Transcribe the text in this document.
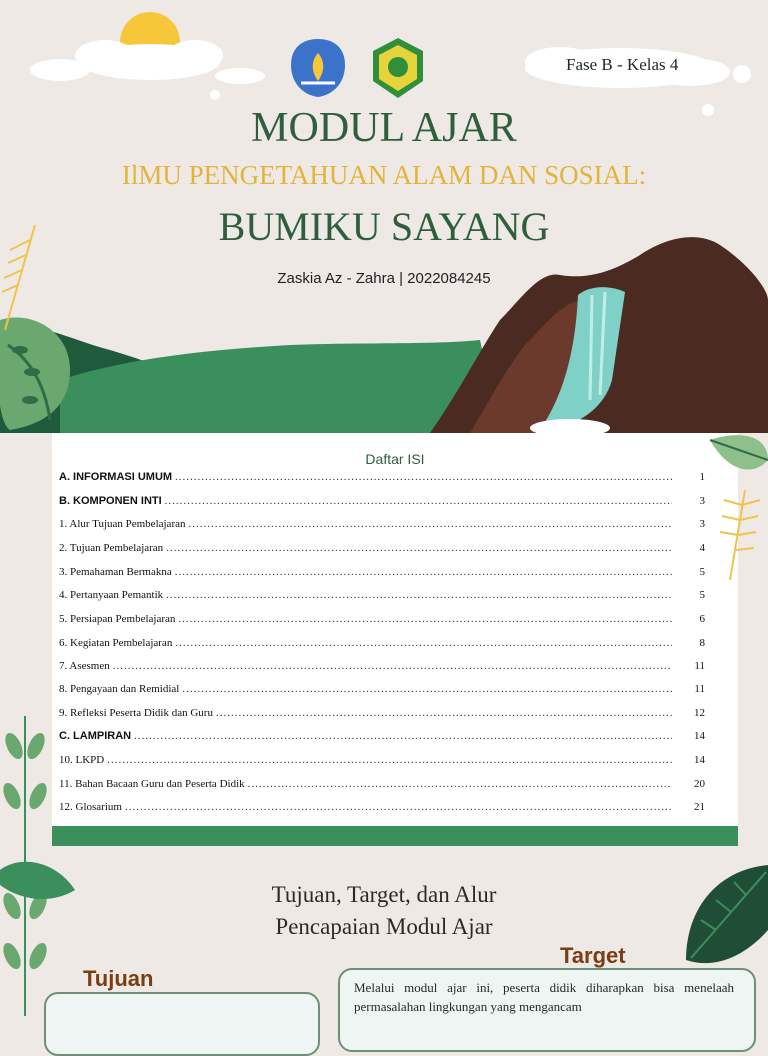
Fase B - Kelas 4
MODUL AJAR
IlMU PENGETAHUAN ALAM DAN SOSIAL:
BUMIKU SAYANG
Zaskia Az - Zahra | 2022084245
Daftar ISI
A. INFORMASI UMUM .....	1
B. KOMPONEN INTI .....	3
1. Alur Tujuan Pembelajaran .....	3
2. Tujuan Pembelajaran .....	4
3. Pemahaman Bermakna .....	5
4. Pertanyaan Pemantik .....	5
5. Persiapan Pembelajaran .....	6
6. Kegiatan Pembelajaran .....	8
7. Asesmen .....	11
8. Pengayaan dan Remidial .....	11
9. Refleksi Peserta Didik dan Guru .....	12
C. LAMPIRAN .....	14
10. LKPD .....	14
11. Bahan Bacaan Guru dan Peserta Didik .....	20
12. Glosarium .....	21
.....
Tujuan, Target, dan Alur
Pencapaian Modul Ajar
Tujuan
Target
Melalui modul ajar ini, peserta didik diharapkan bisa menelaah permasalahan lingkungan yang mengancam
